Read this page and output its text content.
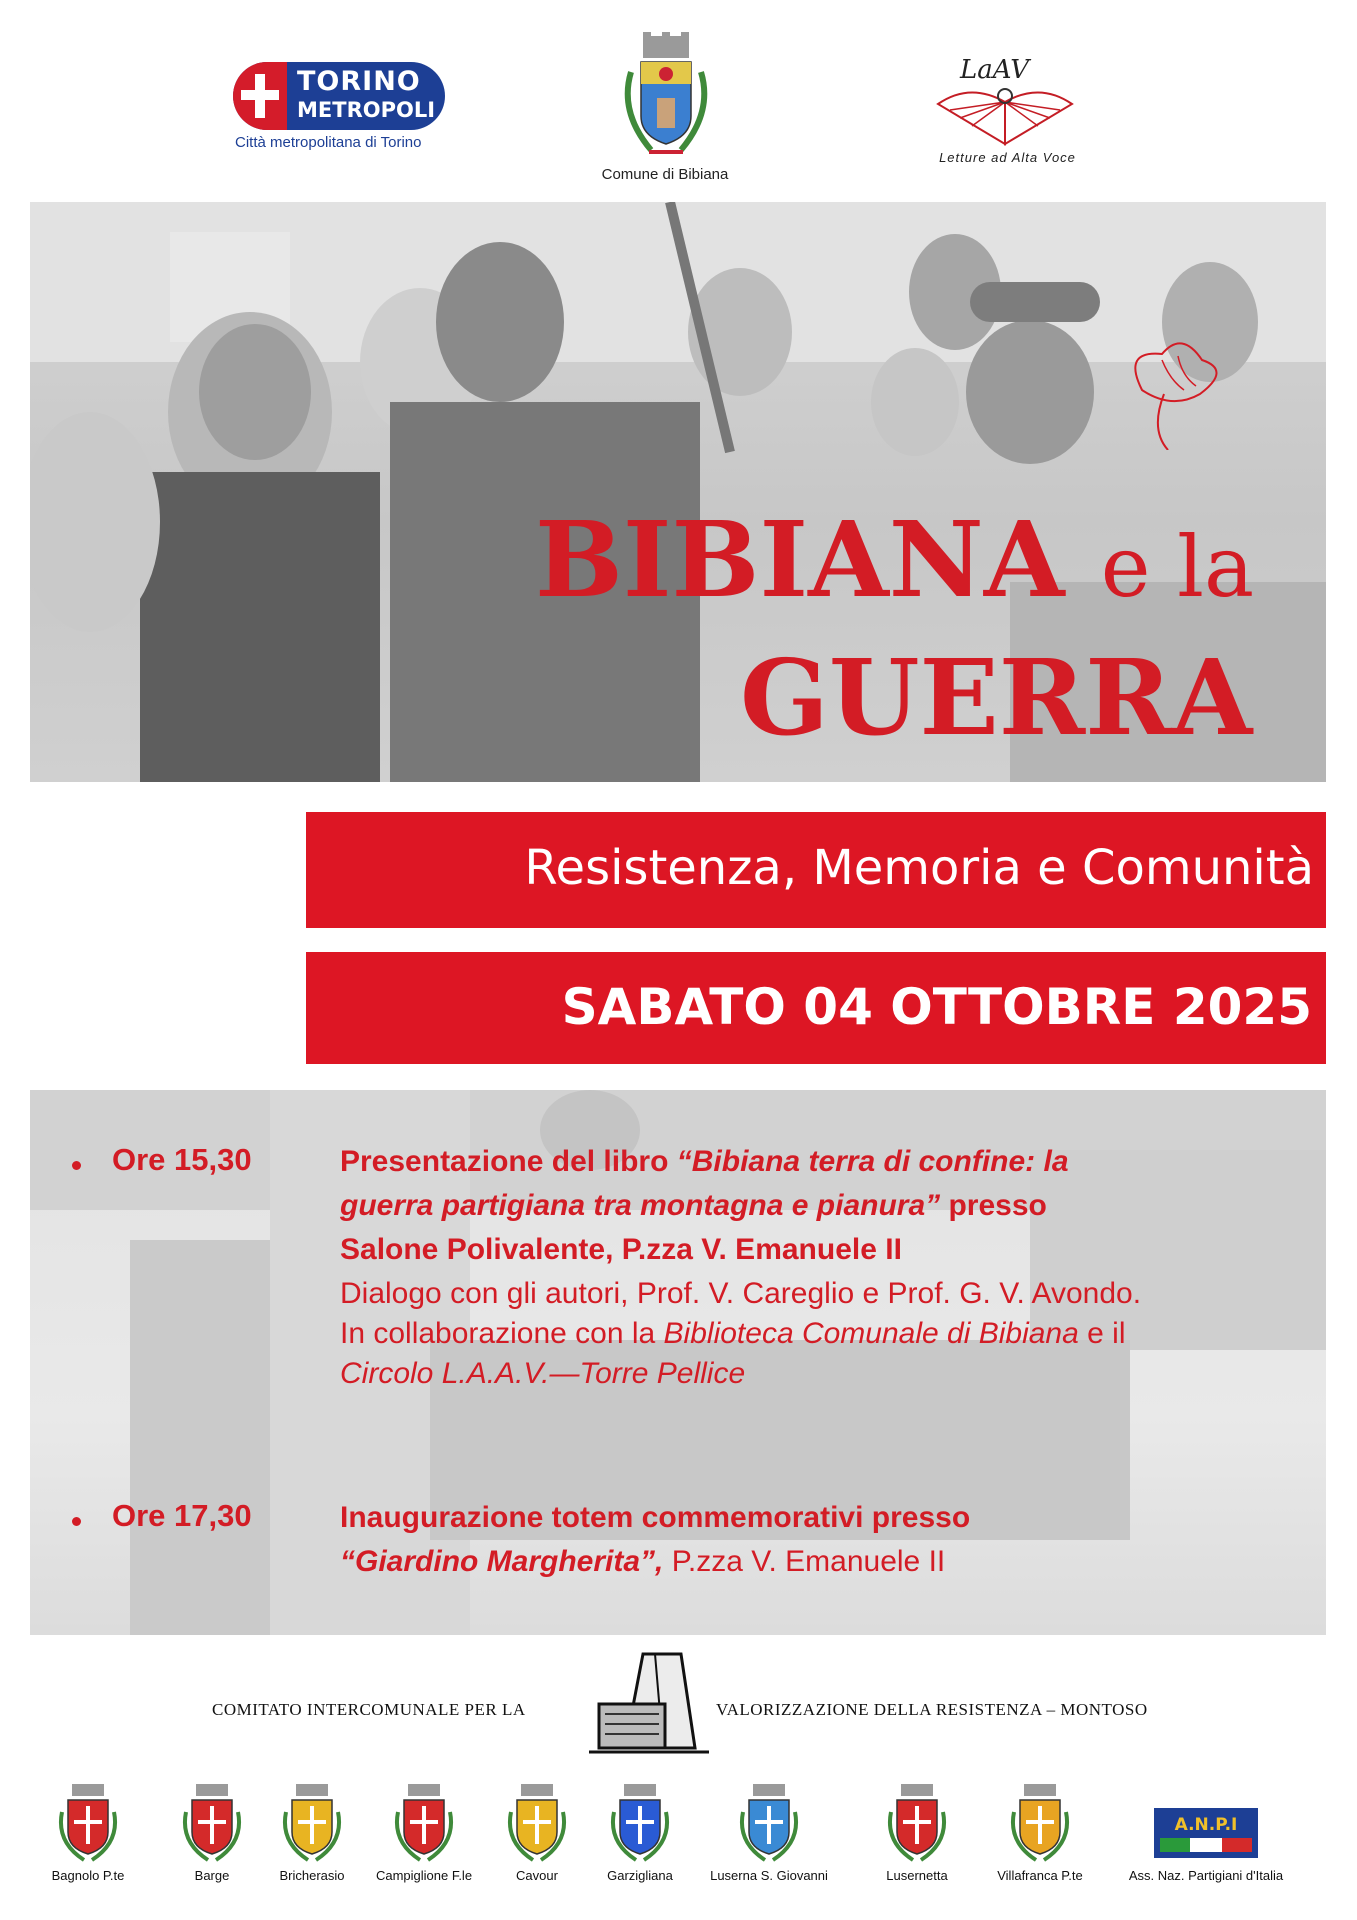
TORINO
METROPOLI
Città metropolitana di Torino
Comune di Bibiana
LaAV
Letture ad Alta Voce
BIBIANA e la
GUERRA
Resistenza, Memoria e Comunità
SABATO 04 OTTOBRE 2025
Ore 15,30	Presentazione del libro “Bibiana terra di confine: la
guerra partigiana tra montagna e pianura” presso
Salone Polivalente, P.zza V. Emanuele II
Dialogo con gli autori, Prof. V. Careglio e Prof. G. V. Avondo.
In collaborazione con la Biblioteca Comunale di Bibiana e il
Circolo L.A.A.V.—Torre Pellice
Ore 17,30	Inaugurazione totem commemorativi presso
“Giardino Margherita”, P.zza V. Emanuele II
COMITATO INTERCOMUNALE PER LA	VALORIZZAZIONE DELLA RESISTENZA – MONTOSO
Bagnolo P.te	Barge	Bricherasio Campiglione F.le	Cavour	Garzigliana	Luserna S. Giovanni	Lusernetta	Villafranca P.te	Ass. Naz. Partigiani d'Italia
A.N.P.I
